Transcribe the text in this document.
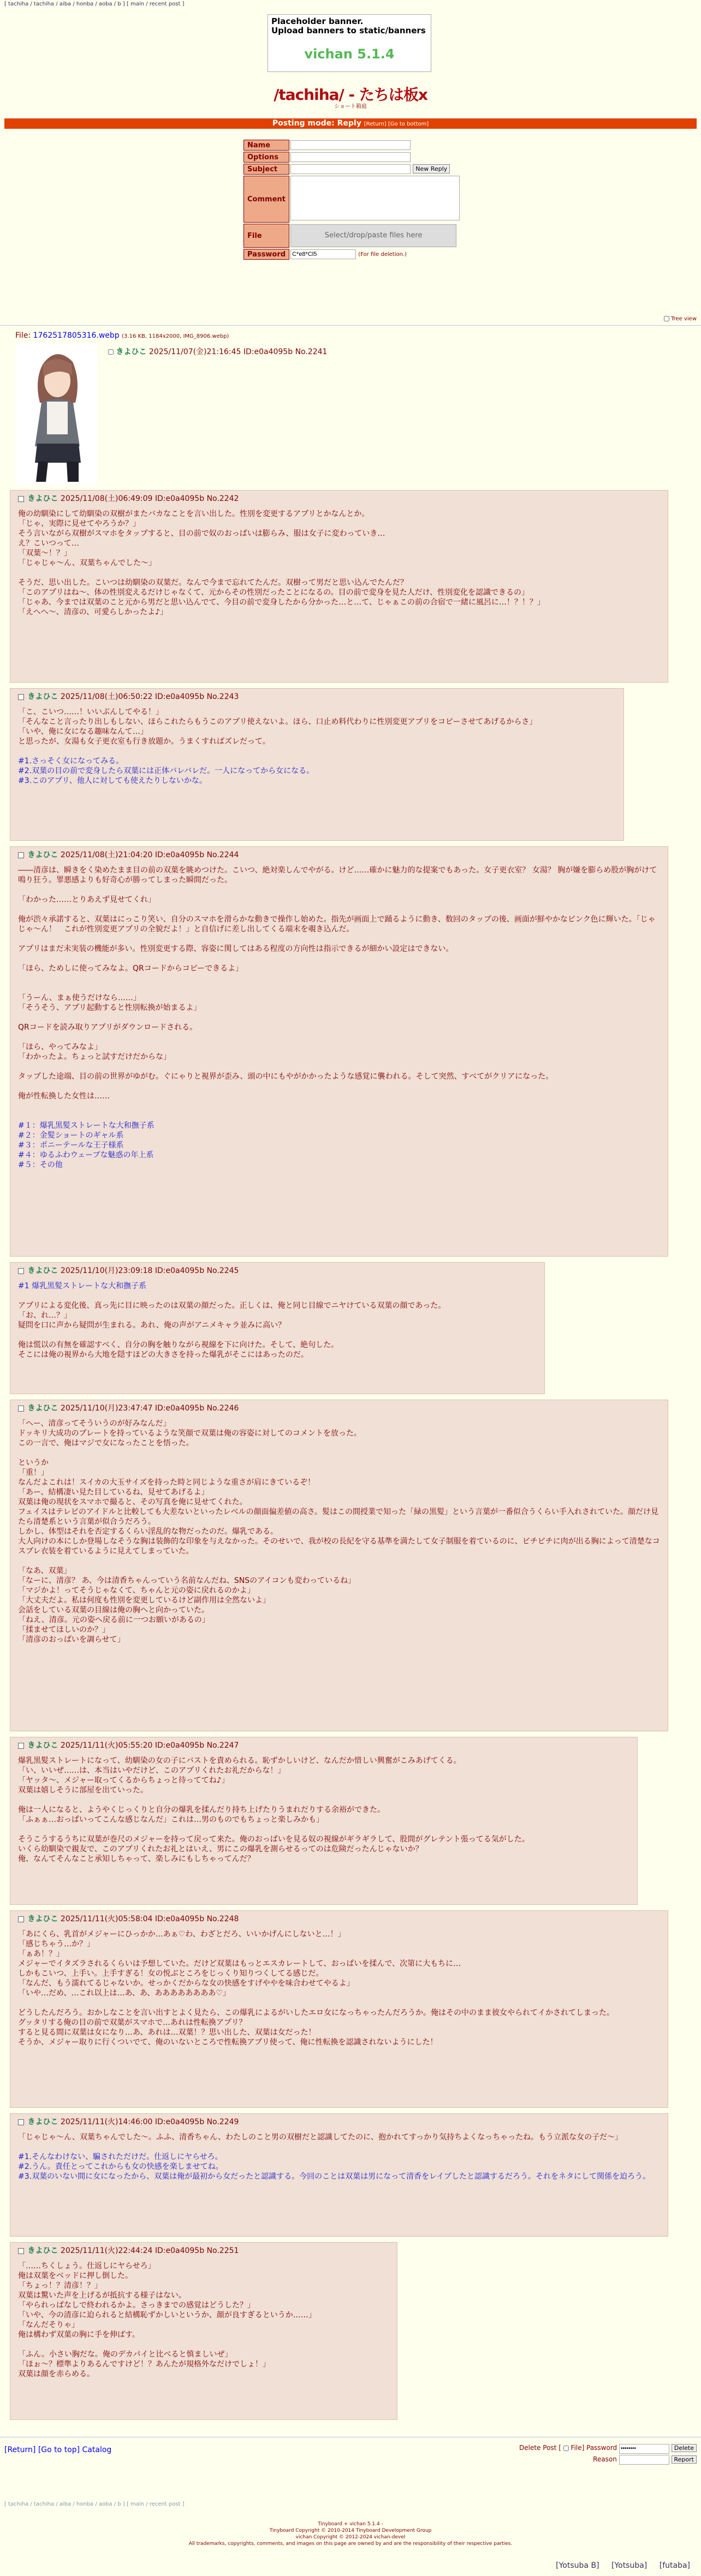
[ tachiha / tachiha / aiba / honba / aoba / b ] [ main / recent post ]
Placeholder banner.
Upload banners to static/banners
vichan 5.1.4
/tachiha/ - たちは板x
ショート箱庭
Posting mode: Reply [Return] [Go to bottom]
Name	
Options	
Subject	New Reply
Comment	
File	Select/drop/paste files here

Password	C*e8*Cl5(For file deletion.)
Tree view
File: 1762517805316.webp (3.16 KB, 1184x2000, IMG_8906.webp)
きよひこ 2025/11/07(金)21:16:45 ID:e0a4095b No.2241
きよひこ 2025/11/08(土)06:49:09 ID:e0a4095b No.2242

俺の幼馴染にして幼馴染の双樹がまたバカなことを言い出した。性別を変更するアプリとかなんとか。

「じゃ、実際に見せてやろうか？」

そう言いながら双樹がスマホをタップすると、目の前で奴のおっぱいは膨らみ、服は女子に変わっていき…

え？こいつって…

「双葉〜！？」

「じゃじゃ〜ん、双葉ちゃんでした〜」

そうだ、思い出した。こいつは幼馴染の双葉だ。なんで今まで忘れてたんだ。双樹って男だと思い込んでたんだ？

「このアプリはね〜、体の性別変えるだけじゃなくて、元からその性別だったことになるの。目の前で変身を見た人だけ、性別変化を認識できるの」

「じゃあ、今までは双葉のこと元から男だと思い込んでて、今目の前で変身したから分かった…と…て、じゃぁこの前の合宿で一緒に風呂に…！？！？」

「えへへ〜、清彦の、可愛らしかったよ♪」

きよひこ 2025/11/08(土)06:50:22 ID:e0a4095b No.2243

「こ、こいつ……！いいぶんしてやる！」

「そんなこと言ったり出しもしない、ほらこれたらもうこのアプリ使えないよ。ほら、口止め料代わりに性別変更アプリをコピーさせてあげるからさ」

「いや、俺に女になる趣味なんて…」

と思ったが、女湯も女子更衣室も行き放題か。うまくすればズレだって。

#1.さっそく女になってみる。

#2.双葉の目の前で変身したら双葉には正体バレバレだ。一人になってから女になる。

#3.このアプリ、他人に対しても使えたりしないかな。

きよひこ 2025/11/08(土)21:04:20 ID:e0a4095b No.2244

――清彦は、瞬きをく染めたまま目の前の双葉を眺めつけた。こいつ、絶対楽しんでやがる。けど……確かに魅力的な提案でもあった。女子更衣室？ 女湯？ 胸が嫌を膨らめ股が胸がけて鳴り狂う。罪悪感よりも好奇心が勝ってしまった瞬間だった。

「わかった……とりあえず見せてくれ」

俺が渋々承諾すると、双葉はにっこり笑い、自分のスマホを滑らかな動きで操作し始めた。指先が画面上で踊るように動き、数回のタップの後、画面が鮮やかなピンク色に輝いた。「じゃじゃ〜ん！　これが性別変更アプリの全貌だよ！」と自信げに差し出してくる端末を覗き込んだ。

アプリはまだ未実装の機能が多い。性別変更する際、容姿に関してはある程度の方向性は指示できるが細かい設定はできない。

「ほら、ためしに使ってみなよ。QRコードからコピーできるよ」

「うーん、まぁ使うだけなら……」

「そうそう、アプリ起動すると性別転換が始まるよ」

QRコードを読み取りアプリがダウンロードされる。

「ほら、やってみなよ」

「わかったよ。ちょっと試すだけだからな」

タップした途端、目の前の世界がゆがむ。ぐにゃりと視界が歪み、頭の中にもやがかかったような感覚に襲われる。そして突然、すべてがクリアになった。

俺が性転換した女性は……

#１：爆乳黒髪ストレートな大和撫子系

#２：金髪ショートのギャル系

#３：ポニーテールな王子様系

#４：ゆるふわウェーブな魅惑の年上系

#５：その他

きよひこ 2025/11/10(月)23:09:18 ID:e0a4095b No.2245

#1 爆乳黒髪ストレートな大和撫子系

アプリによる変化後、真っ先に目に映ったのは双葉の顔だった。正しくは、俺と同じ目線でニヤけている双葉の顔であった。

「お、れ…？」

疑問を口に声から疑問が生まれる。あれ、俺の声がアニメキャラ並みに高い？

俺は慌以の有無を確認すべく、自分の胸を触りながら視線を下に向けた。そして、絶句した。

そこには俺の視界から大地を隠すほどの大きさを持った爆乳がそこにはあったのだ。

きよひこ 2025/11/10(月)23:47:47 ID:e0a4095b No.2246

「へー、清彦ってそういうのが好みなんだ」

ドッキリ大成功のプレートを持っているような笑顔で双葉は俺の容姿に対してのコメントを放った。

この一言で、俺はマジで女になったことを悟った。

というか

「重！」

なんだよこれは！スイカの大玉サイズを持った時と同じような重さが肩にきているぞ！

「あー、結構凄い見た目しているね、見せてあげるよ」

双葉は俺の現状をスマホで撮ると、その写真を俺に見せてくれた。

フェイスはテレビのアイドルと比較しても大差ないといったレベルの顔面偏差値の高さ。髪はこの間授業で知った「緑の黒髪」という言葉が一番似合うくらい手入れされていた。顔だけ見たら清楚系という言葉が似合うだろう。

しかし、体型はそれを否定するくらい淫乱的な物だったのだ。爆乳である。

大人向けの本にしか登場しなそうな胸は装飾的な印象を与えなかった。そのせいで、我が校の長紀を守る基準を満たして女子制服を着ているのに、ビチピチに肉が出る胸によって清楚なコスプレ衣装を着ているように見えてしまっていた。

「なあ、双葉」

「なーに、清彦？ あ、今は清香ちゃんっていう名前なんだね、SNSのアイコンも変わっているね」

「マジかよ！ってそうじゃなくて、ちゃんと元の姿に戻れるのかよ」

「大丈夫だよ。私は何度も性別を変更しているけど副作用は全然ないよ」

会話をしている双葉の目線は俺の胸へと向かっていた。

「ねえ、清彦。元の姿へ戻る前に一つお願いがあるの」

「揉ませてほしいのか？」

「清彦のおっぱいを調らせて」

きよひこ 2025/11/11(火)05:55:20 ID:e0a4095b No.2247

爆乳黒髪ストレートになって、幼馴染の女の子にバストを責められる。恥ずかしいけど、なんだか惜しい興奮がこみあげてくる。

「い、いいぜ……は、本当はいやだけど、このアプリくれたお礼だからな！」

「ヤッタ〜、メジャー取ってくるからちょっと待っててね♪」

双葉は嬉しそうに部屋を出ていった。

俺は一人になると、ようやくじっくりと自分の爆乳を揉んだり持ち上げたりうまれだりする余裕ができた。

「ふぁぁ…おっぱいってこんな感じなんだ」これは…男のものでもちょっと楽しみかも」

そうこうするうちに双葉が巻尺のメジャーを持って戻って来た。俺のおっぱいを見る奴の視線がギラギラして、股間がグレテント張ってる気がした。

いくら幼馴染で親友で、このアプリくれたお礼とはいえ、男にこの爆乳を測らせるってのは危険だったんじゃないか？

俺、なんてそんなこと承知しちゃって、楽しみにもしちゃってんだ？

きよひこ 2025/11/11(火)05:58:04 ID:e0a4095b No.2248

「あにくら、乳首がメジャーにひっかか…あぁ♡わ、わざとだろ、いいかげんにしないと…！」

「感じちゃう…か？」

「ぁあ！？」

メジャーでイタズラされるくらいは予想していた。だけど双葉はもっとエスカレートして、おっぱいを揉んで、次第に大もちに…

しかもこいつ、上手い。上手すぎる！女の悦ぶところをじっくり知りつくしてる感じだ。

「なんだ、もう濡れてるじゃないか。せっかくだからな女の快感をすげややを味合わせてやるよ」

「いや…だめ、…これ以上は…あ、あ、ああああああああ♡」

どうしたんだろう。おかしなことを言い出すとよく見たら、この爆乳によるがいしたエロ女になっちゃったんだろうか。俺はその中のまま彼女やられてイかされてしまった。

グッタリする俺の目の前で双葉がスマホで…あれは性転換アプリ？

すると見る間に双葉は女になり…あ、あれは…双葉！？思い出した、双葉は女だった！

そうか、メジャー取りに行くついでて、俺のいないところで性転換アプリ使って、俺に性転換を認識されないようにした！

きよひこ 2025/11/11(火)14:46:00 ID:e0a4095b No.2249

「じゃじゃ〜ん、双葉ちゃんでした〜。ふふ、清香ちゃん、わたしのこと男の双樹だと認識してたのに、抱かれてすっかり気持ちよくなっちゃったね。もう立派な女の子だ〜」

#1.そんなわけない、騙されただけだ。仕返しにヤらせろ。

#2.うん。責任とってこれからも女の快感を楽しませてね。

#3.双葉のいない間に女になったから、双葉は俺が最初から女だったと認識する。今回のことは双葉は男になって清香をレイプしたと認識するだろう。それをネタにして関係を迫ろう。

きよひこ 2025/11/11(火)22:44:24 ID:e0a4095b No.2251

「……ちくしょう。仕返しにヤらせろ」

俺は双葉をベッドに押し倒した。

「ちょっ！？清彦！？」

双葉は驚いた声を上げるが抵抗する様子はない。

「やられっぱなしで終われるかよ。さっきまでの感覚はどうした？」

「いや、今の清彦に迫られると結構恥ずかしいというか、顔が良すぎるというか……」

「なんだそりゃ」

俺は構わず双葉の胸に手を伸ばす。

「ふん。小さい胸だな。俺のデカパイと比べると慎ましいぜ」

「ほぉ〜？標準よりあるんですけど！？あんたが規格外なだけでしょ！」

双葉は顔を赤らめる。

[Return] [Go to top] Catalog	Delete Post [ File] Password ••••••••	Delete
Reason	Report
[ tachiha / tachiha / aiba / honba / aoba / b ] [ main / recent post ]
Tinyboard + vichan 5.1.4 -
Tinyboard Copyright © 2010-2014 Tinyboard Development Group
vichan Copyright © 2012-2024 vichan-devel
All trademarks, copyrights, comments, and images on this page are owned by and are the responsibility of their respective parties.
[Yotsuba B] [Yotsuba] [futaba]
